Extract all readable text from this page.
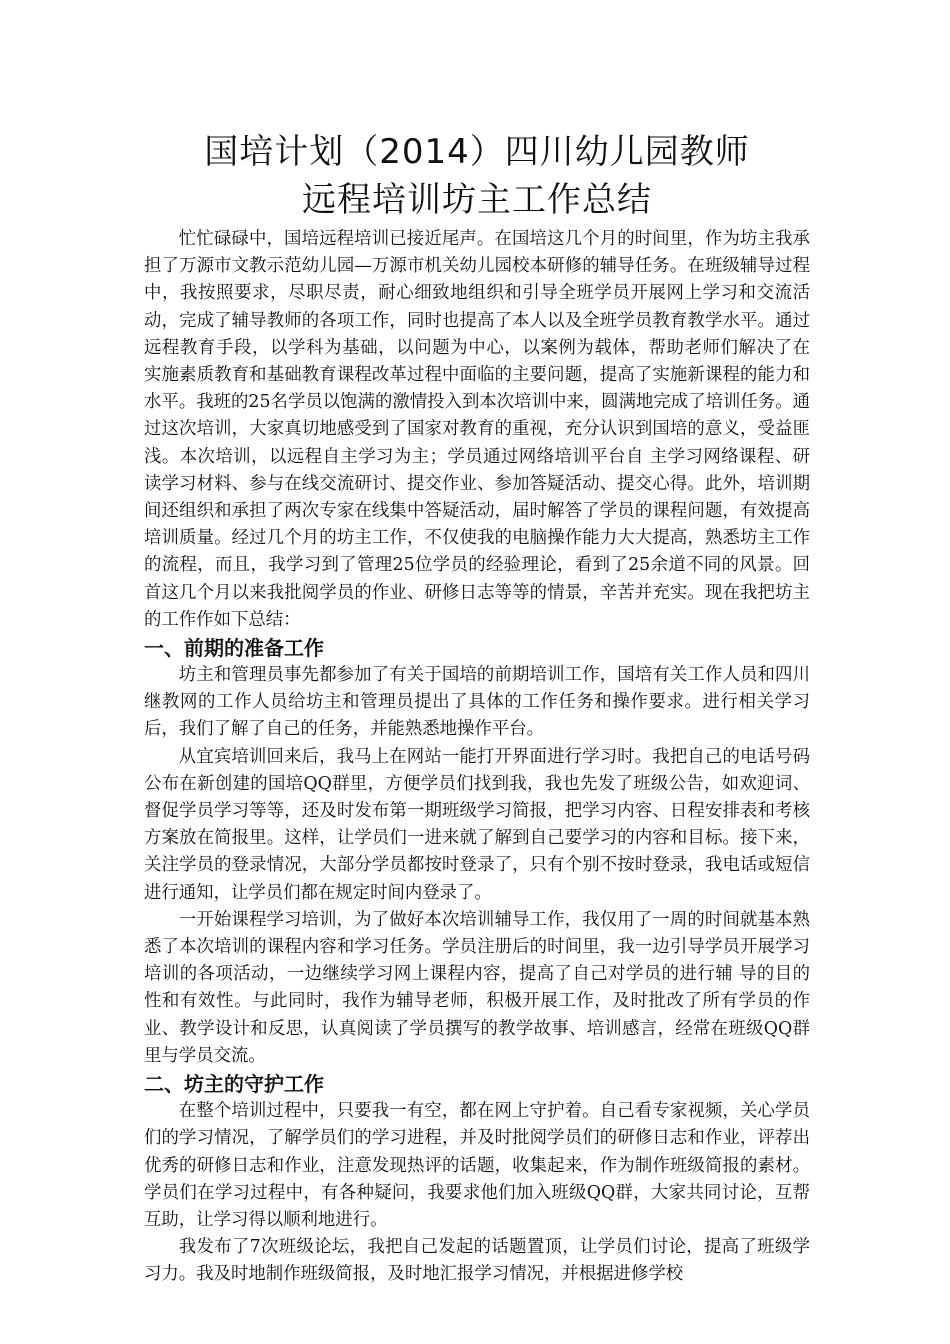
国培计划（2014）四川幼儿园教师
远程培训坊主工作总结

忙忙碌碌中，国培远程培训已接近尾声。在国培这几个月的时间里，作为坊主我承担了万源市文教示范幼儿园—万源市机关幼儿园校本研修的辅导任务。在班级辅导过程中，我按照要求，尽职尽责，耐心细致地组织和引导全班学员开展网上学习和交流活动，完成了辅导教师的各项工作，同时也提高了本人以及全班学员教育教学水平。通过远程教育手段，以学科为基础，以问题为中心，以案例为载体，帮助老师们解决了在 实施素质教育和基础教育课程改革过程中面临的主要问题，提高了实施新课程的能力和水平。我班的25名学员以饱满的激情投入到本次培训中来，圆满地完成了培训任务。通过这次培训，大家真切地感受到了国家对教育的重视，充分认识到国培的意义，受益匪浅。本次培训，以远程自主学习为主；学员通过网络培训平台自 主学习网络课程、研读学习材料、参与在线交流研讨、提交作业、参加答疑活动、提交心得。此外，培训期间还组织和承担了两次专家在线集中答疑活动，届时解答了学员的课程问题，有效提高培训质量。经过几个月的坊主工作，不仅使我的电脑操作能力大大提高，熟悉坊主工作的流程，而且，我学习到了管理25位学员的经验理论，看到了25余道不同的风景。回首这几个月以来我批阅学员的作业、研修日志等等的情景，辛苦并充实。现在我把坊主的工作作如下总结：

一、前期的准备工作

坊主和管理员事先都参加了有关于国培的前期培训工作，国培有关工作人员和四川继教网的工作人员给坊主和管理员提出了具体的工作任务和操作要求。进行相关学习后，我们了解了自己的任务，并能熟悉地操作平台。

从宜宾培训回来后，我马上在网站一能打开界面进行学习时。我把自己的电话号码公布在新创建的国培QQ群里，方便学员们找到我，我也先发了班级公告，如欢迎词、督促学员学习等等，还及时发布第一期班级学习简报，把学习内容、日程安排表和考核方案放在简报里。这样，让学员们一进来就了解到自己要学习的内容和目标。接下来，关注学员的登录情况，大部分学员都按时登录了，只有个别不按时登录，我电话或短信进行通知，让学员们都在规定时间内登录了。

一开始课程学习培训，为了做好本次培训辅导工作，我仅用了一周的时间就基本熟悉了本次培训的课程内容和学习任务。学员注册后的时间里，我一边引导学员开展学习培训的各项活动，一边继续学习网上课程内容，提高了自己对学员的进行辅 导的目的性和有效性。与此同时，我作为辅导老师，积极开展工作，及时批改了所有学员的作业、教学设计和反思，认真阅读了学员撰写的教学故事、培训感言，经常在班级QQ群里与学员交流。

二、坊主的守护工作

在整个培训过程中，只要我一有空，都在网上守护着。自己看专家视频，关心学员们的学习情况，了解学员们的学习进程，并及时批阅学员们的研修日志和作业，评荐出优秀的研修日志和作业，注意发现热评的话题，收集起来，作为制作班级简报的素材。学员们在学习过程中，有各种疑问，我要求他们加入班级QQ群，大家共同讨论，互帮互助，让学习得以顺利地进行。

我发布了7次班级论坛，我把自己发起的话题置顶，让学员们讨论，提高了班级学习力。我及时地制作班级简报，及时地汇报学习情况，并根据进修学校
